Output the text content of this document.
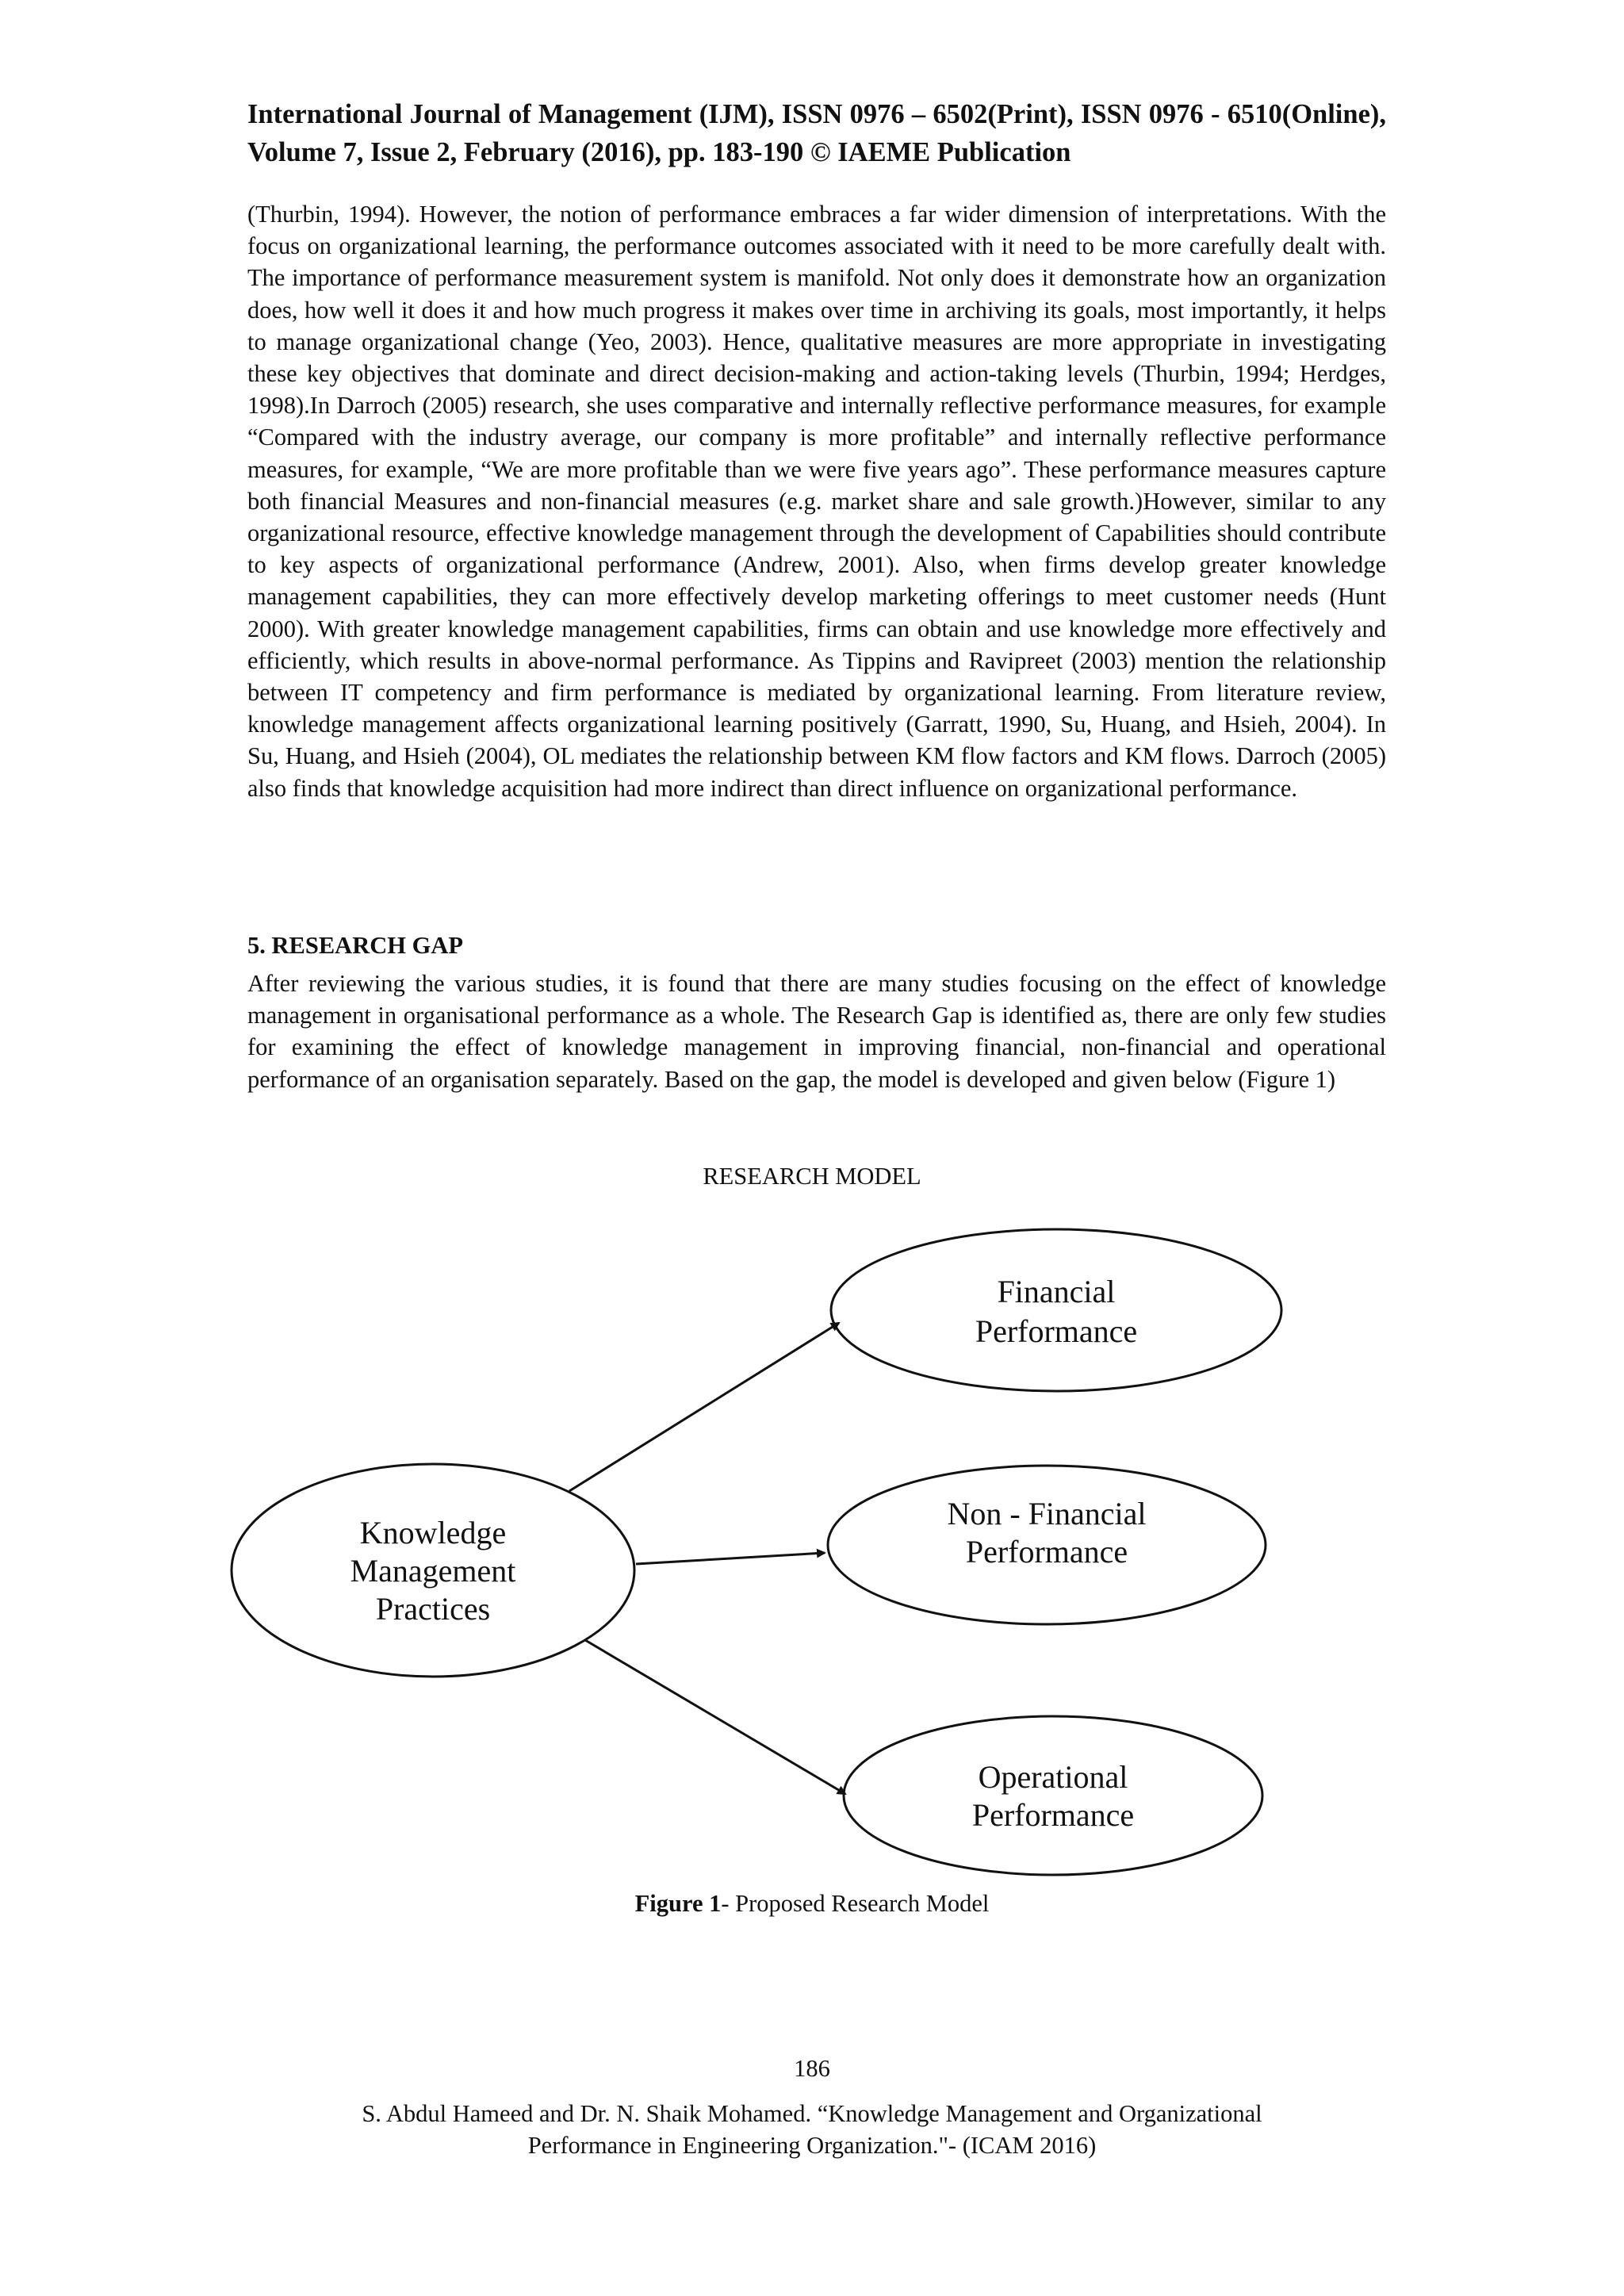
International Journal of Management (IJM), ISSN 0976 – 6502(Print), ISSN 0976 - 6510(Online), Volume 7, Issue 2, February (2016), pp. 183-190 © IAEME Publication
(Thurbin, 1994). However, the notion of performance embraces a far wider dimension of interpretations. With the focus on organizational learning, the performance outcomes associated with it need to be more carefully dealt with. The importance of performance measurement system is manifold. Not only does it demonstrate how an organization does, how well it does it and how much progress it makes over time in archiving its goals, most importantly, it helps to manage organizational change (Yeo, 2003). Hence, qualitative measures are more appropriate in investigating these key objectives that dominate and direct decision-making and action-taking levels (Thurbin, 1994; Herdges, 1998).In Darroch (2005) research, she uses comparative and internally reflective performance measures, for example “Compared with the industry average, our company is more profitable” and internally reflective performance measures, for example, “We are more profitable than we were five years ago”. These performance measures capture both financial Measures and non-financial measures (e.g. market share and sale growth.)However, similar to any organizational resource, effective knowledge management through the development of Capabilities should contribute to key aspects of organizational performance (Andrew, 2001). Also, when firms develop greater knowledge management capabilities, they can more effectively develop marketing offerings to meet customer needs (Hunt 2000). With greater knowledge management capabilities, firms can obtain and use knowledge more effectively and efficiently, which results in above-normal performance. As Tippins and Ravipreet (2003) mention the relationship between IT competency and firm performance is mediated by organizational learning. From literature review, knowledge management affects organizational learning positively (Garratt, 1990, Su, Huang, and Hsieh, 2004). In Su, Huang, and Hsieh (2004), OL mediates the relationship between KM flow factors and KM flows. Darroch (2005) also finds that knowledge acquisition had more indirect than direct influence on organizational performance.
5. RESEARCH GAP
After reviewing the various studies, it is found that there are many studies focusing on the effect of knowledge management in organisational performance as a whole. The Research Gap is identified as, there are only few studies for examining the effect of knowledge management in improving financial, non-financial and operational performance of an organisation separately. Based on the gap, the model is developed and given below (Figure 1)
RESEARCH MODEL
Knowledge
Management
Practices
Financial
Performance
Non - Financial
Performance
Operational
Performance
Figure 1- Proposed Research Model
186
S. Abdul Hameed and Dr. N. Shaik Mohamed. “Knowledge Management and Organizational
Performance in Engineering Organization."- (ICAM 2016)
